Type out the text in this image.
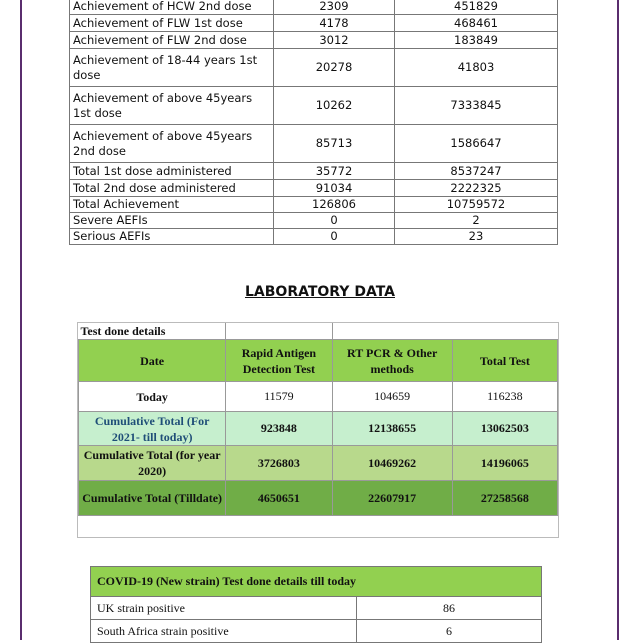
Achievement of HCW 2nd dose	2309	451829
Achievement of FLW 1st dose	4178	468461
Achievement of FLW 2nd dose	3012	183849
Achievement of 18-44 years 1st dose	20278	41803
Achievement of above 45years 1st dose	10262	7333845
Achievement of above 45years 2nd dose	85713	1586647
Total 1st dose administered	35772	8537247
Total 2nd dose administered	91034	2222325
Total Achievement	126806	10759572
Severe AEFIs	0	2
Serious AEFIs	0	23
LABORATORY DATA
Test done details			
Date	Rapid Antigen Detection Test	RT PCR & Other methods	Total Test
Today	11579	104659	116238
Cumulative Total (For 2021- till today)	923848	12138655	13062503
Cumulative Total (for year 2020)	3726803	10469262	14196065
Cumulative Total (Tilldate)	4650651	22607917	27258568
COVID-19 (New strain) Test done details till today	
UK strain positive	86
South Africa strain positive	6
